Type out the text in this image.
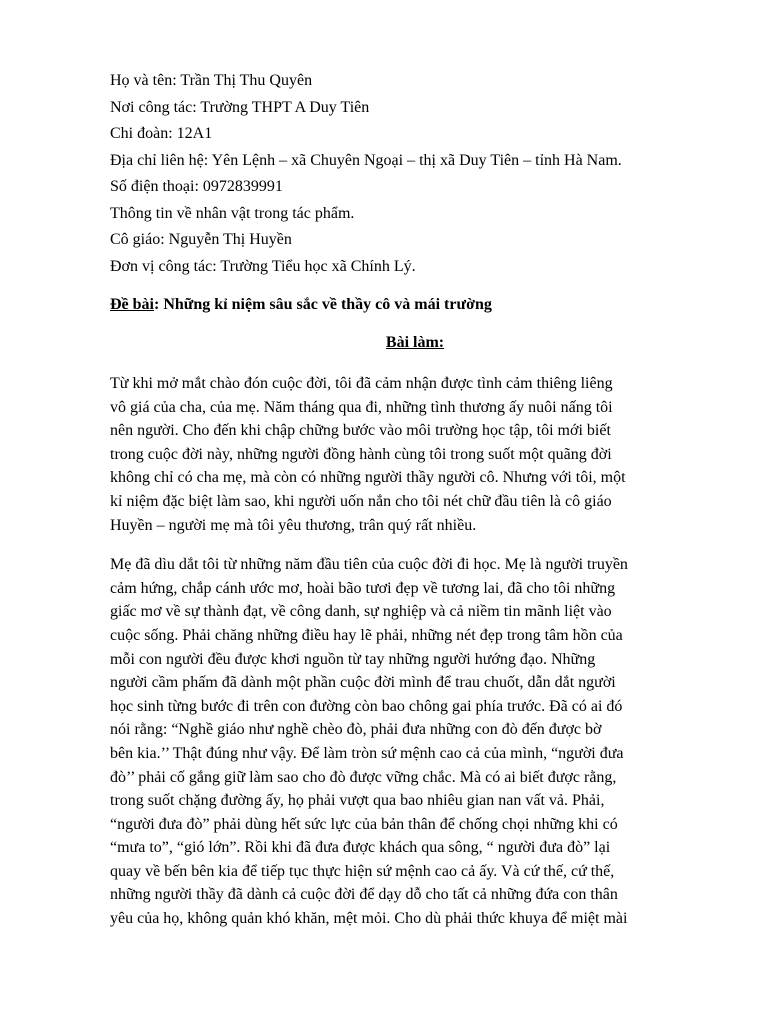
Họ và tên: Trần Thị Thu Quyên
Nơi công tác: Trường THPT A Duy Tiên
Chi đoàn: 12A1
Địa chỉ liên hệ: Yên Lệnh – xã Chuyên Ngoại – thị xã Duy Tiên – tỉnh Hà Nam.
Số điện thoại: 0972839991
Thông tin về nhân vật trong tác phẩm.
Cô giáo: Nguyễn Thị Huyền
Đơn vị công tác: Trường Tiểu học xã Chính Lý.
Đề bài: Những kỉ niệm sâu sắc về thầy cô và mái trường
Bài làm:
Từ khi mở mắt chào đón cuộc đời, tôi đã cảm nhận được tình cảm thiêng liêng
vô giá của cha, của mẹ. Năm tháng qua đi, những tình thương ấy nuôi nấng tôi
nên người. Cho đến khi chập chững bước vào môi trường học tập, tôi mới biết
trong cuộc đời này, những người đồng hành cùng tôi trong suốt một quãng đời
không chỉ có cha mẹ, mà còn có những người thầy người cô. Nhưng với tôi, một
kỉ niệm đặc biệt làm sao, khi người uốn nắn cho tôi nét chữ đầu tiên là cô giáo
Huyền – người mẹ mà tôi yêu thương, trân quý rất nhiều.
Mẹ đã dìu dắt tôi từ những năm đầu tiên của cuộc đời đi học. Mẹ là người truyền
cảm hứng, chắp cánh ước mơ, hoài bão tươi đẹp về tương lai, đã cho tôi những
giấc mơ về sự thành đạt, về công danh, sự nghiệp và cả niềm tin mãnh liệt vào
cuộc sống. Phải chăng những điều hay lẽ phải, những nét đẹp trong tâm hồn của
mỗi con người đều được khơi nguồn từ tay những người hướng đạo. Những
người cầm phấm đã dành một phần cuộc đời mình để trau chuốt, dẫn dắt người
học sinh từng bước đi trên con đường còn bao chông gai phía trước. Đã có ai đó
nói rằng: “Nghề giáo như nghề chèo đò, phải đưa những con đò đến được bờ
bên kia.’’ Thật đúng như vậy. Để làm tròn sứ mệnh cao cả của mình, “người đưa
đò’’ phải cố gắng giữ làm sao cho đò được vững chắc. Mà có ai biết được rằng,
trong suốt chặng đường ấy, họ phải vượt qua bao nhiêu gian nan vất vả. Phải,
“người đưa đò” phải dùng hết sức lực của bản thân để chống chọi những khi có
“mưa to”, “gió lớn”. Rồi khi đã đưa được khách qua sông, “ người đưa đò” lại
quay về bến bên kia để tiếp tục thực hiện sứ mệnh cao cả ấy. Và cứ thế, cứ thế,
những người thầy đã dành cả cuộc đời để dạy dỗ cho tất cả những đứa con thân
yêu của họ, không quản khó khăn, mệt mỏi. Cho dù phải thức khuya để miệt mài
